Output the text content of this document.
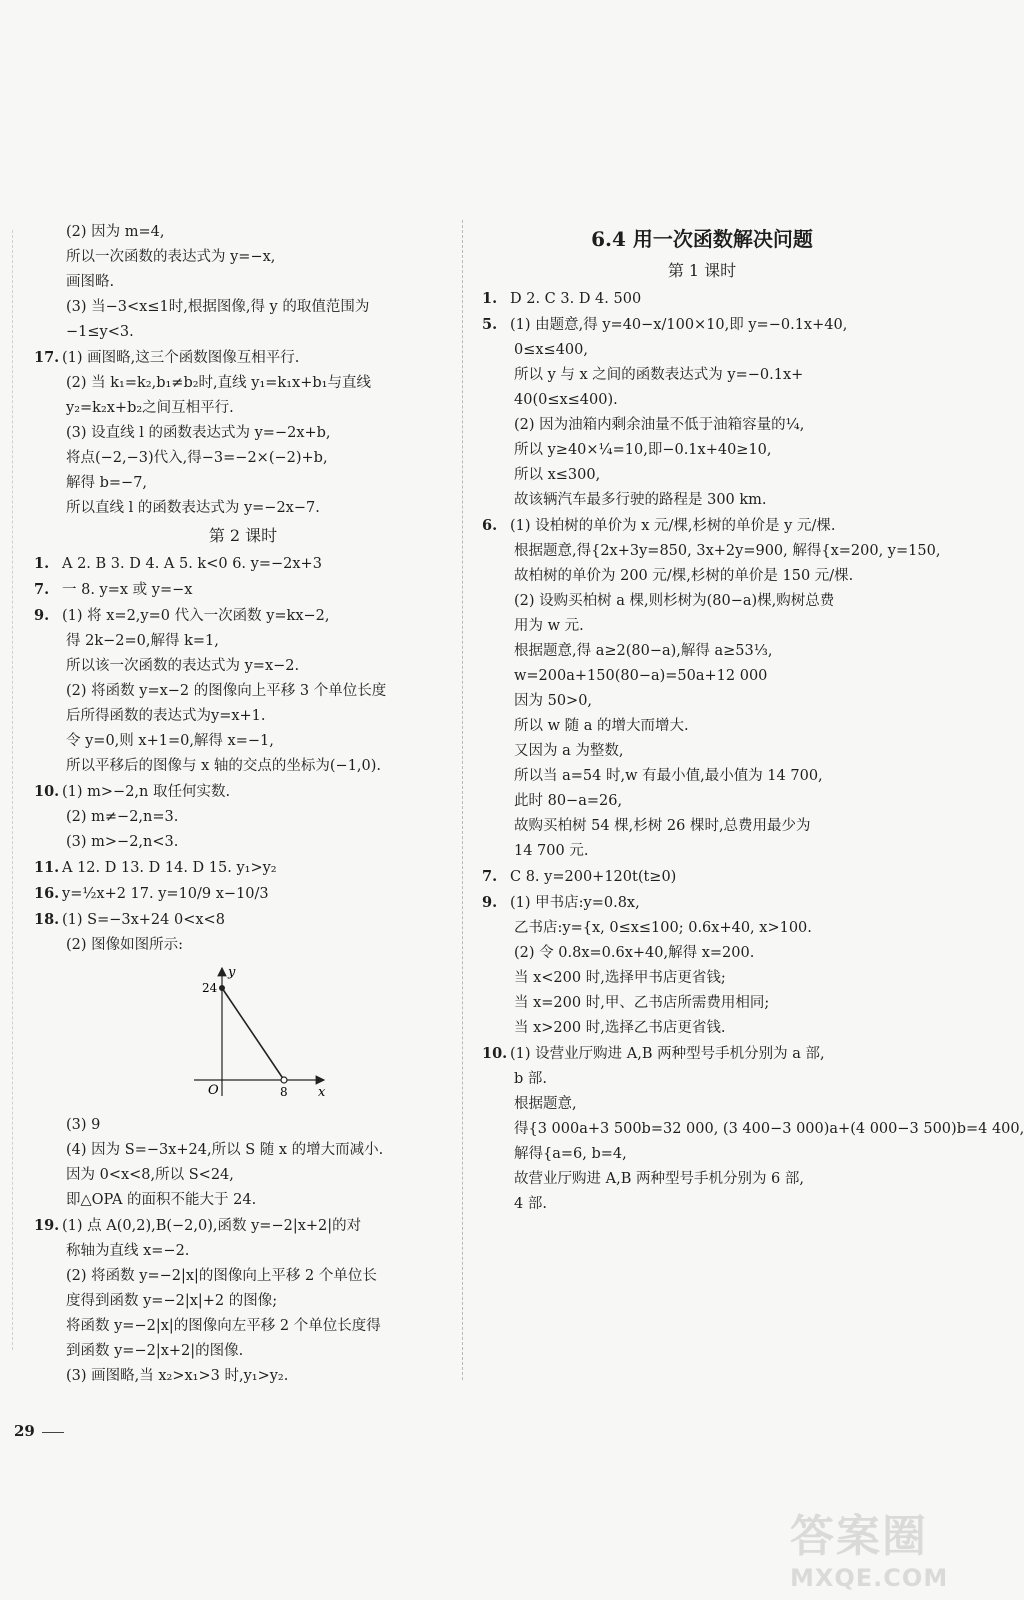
(2) 因为 m=4,
所以一次函数的表达式为 y=−x,
画图略.
(3) 当−3<x≤1时,根据图像,得 y 的取值范围为
−1≤y<3.
17. (1) 画图略,这三个函数图像互相平行.
(2) 当 k₁=k₂,b₁≠b₂时,直线 y₁=k₁x+b₁与直线
y₂=k₂x+b₂之间互相平行.
(3) 设直线 l 的函数表达式为 y=−2x+b,
将点(−2,−3)代入,得−3=−2×(−2)+b,
解得 b=−7,
所以直线 l 的函数表达式为 y=−2x−7.
第 2 课时
1. A 2. B 3. D 4. A 5. k<0 6. y=−2x+3
7. 一 8. y=x 或 y=−x
9. (1) 将 x=2,y=0 代入一次函数 y=kx−2,
得 2k−2=0,解得 k=1,
所以该一次函数的表达式为 y=x−2.
(2) 将函数 y=x−2 的图像向上平移 3 个单位长度
后所得函数的表达式为y=x+1.
令 y=0,则 x+1=0,解得 x=−1,
所以平移后的图像与 x 轴的交点的坐标为(−1,0).
10. (1) m>−2,n 取任何实数.
(2) m≠−2,n=3.
(3) m>−2,n<3.
11. A 12. D 13. D 14. D 15. y₁>y₂
16. y=½x+2 17. y=10/9 x−10/3
18. (1) S=−3x+24 0<x<8
(2) 图像如图所示:
y
x
O	8
24
(3) 9
(4) 因为 S=−3x+24,所以 S 随 x 的增大而减小.
因为 0<x<8,所以 S<24,
即△OPA 的面积不能大于 24.
19. (1) 点 A(0,2),B(−2,0),函数 y=−2|x+2|的对
称轴为直线 x=−2.
(2) 将函数 y=−2|x|的图像向上平移 2 个单位长
度得到函数 y=−2|x|+2 的图像;
将函数 y=−2|x|的图像向左平移 2 个单位长度得
到函数 y=−2|x+2|的图像.
(3) 画图略,当 x₂>x₁>3 时,y₁>y₂.
6.4 用一次函数解决问题
第 1 课时
1. D 2. C 3. D 4. 500
5. (1) 由题意,得 y=40−x/100×10,即 y=−0.1x+40,
0≤x≤400,
所以 y 与 x 之间的函数表达式为 y=−0.1x+
40(0≤x≤400).
(2) 因为油箱内剩余油量不低于油箱容量的¼,
所以 y≥40×¼=10,即−0.1x+40≥10,
所以 x≤300,
故该辆汽车最多行驶的路程是 300 km.
6. (1) 设柏树的单价为 x 元/棵,杉树的单价是 y 元/棵.
根据题意,得{2x+3y=850, 3x+2y=900, 解得{x=200, y=150,
故柏树的单价为 200 元/棵,杉树的单价是 150 元/棵.
(2) 设购买柏树 a 棵,则杉树为(80−a)棵,购树总费
用为 w 元.
根据题意,得 a≥2(80−a),解得 a≥53⅓,
w=200a+150(80−a)=50a+12 000
因为 50>0,
所以 w 随 a 的增大而增大.
又因为 a 为整数,
所以当 a=54 时,w 有最小值,最小值为 14 700,
此时 80−a=26,
故购买柏树 54 棵,杉树 26 棵时,总费用最少为
14 700 元.
7. C 8. y=200+120t(t≥0)
9. (1) 甲书店:y=0.8x,
乙书店:y={x, 0≤x≤100; 0.6x+40, x>100.
(2) 令 0.8x=0.6x+40,解得 x=200.
当 x<200 时,选择甲书店更省钱;
当 x=200 时,甲、乙书店所需费用相同;
当 x>200 时,选择乙书店更省钱.
10. (1) 设营业厅购进 A,B 两种型号手机分别为 a 部,
b 部.
根据题意,
得{3 000a+3 500b=32 000, (3 400−3 000)a+(4 000−3 500)b=4 400,
解得{a=6, b=4,
故营业厅购进 A,B 两种型号手机分别为 6 部,
4 部.
29
答案圈
MXQE.COM
